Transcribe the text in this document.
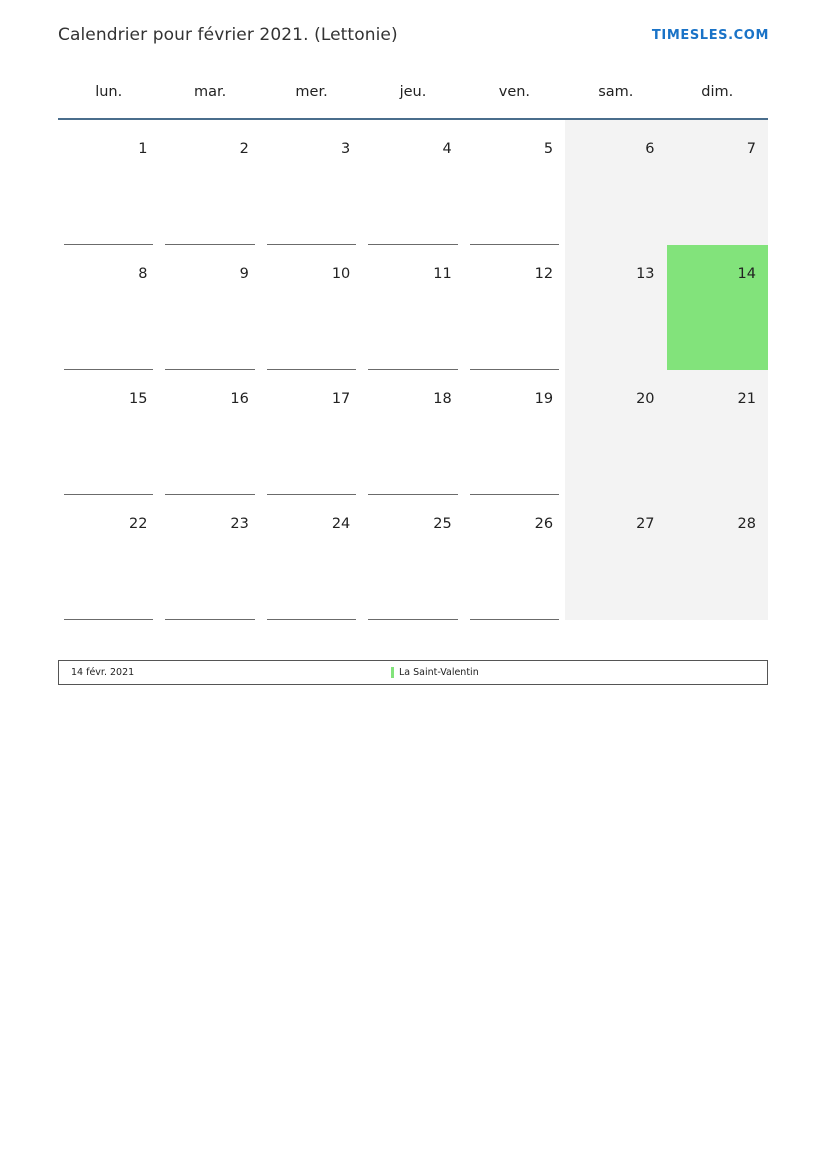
Calendrier pour février 2021. (Lettonie)	TIMESLES.COM
lun.	mar.	mer.	jeu.	ven.	sam.	dim.

1	2	3	4	5	6	7

8	9	10	11	12	13	14

15	16	17	18	19	20	21

22	23	24	25	26	27	28
14 févr. 2021	La Saint-Valentin
